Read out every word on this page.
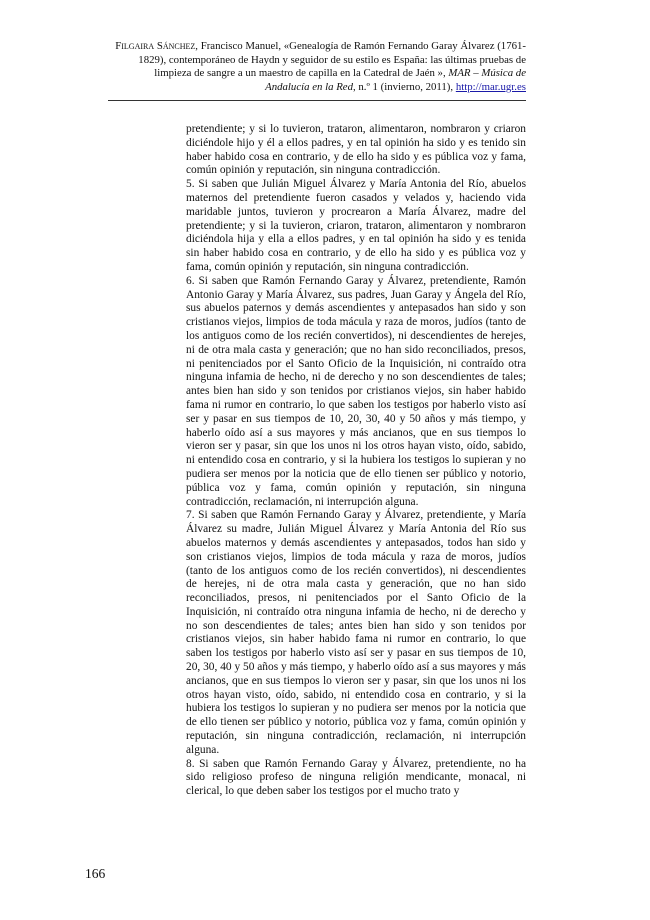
Filgaira Sánchez, Francisco Manuel, «Genealogía de Ramón Fernando Garay Álvarez (1761-1829), contemporáneo de Haydn y seguidor de su estilo es España: las últimas pruebas de limpieza de sangre a un maestro de capilla en la Catedral de Jaén », MAR – Música de Andalucía en la Red, n.º 1 (invierno, 2011), http://mar.ugr.es

pretendiente; y si lo tuvieron, trataron, alimentaron, nombraron y criaron diciéndole hijo y él a ellos padres, y en tal opinión ha sido y es tenido sin haber habido cosa en contrario, y de ello ha sido y es pública voz y fama, común opinión y reputación, sin ninguna contradicción.

5. Si saben que Julián Miguel Álvarez y María Antonia del Río, abuelos maternos del pretendiente fueron casados y velados y, haciendo vida maridable juntos, tuvieron y procrearon a María Álvarez, madre del pretendiente; y si la tuvieron, criaron, trataron, alimentaron y nombraron diciéndola hija y ella a ellos padres, y en tal opinión ha sido y es tenida sin haber habido cosa en contrario, y de ello ha sido y es pública voz y fama, común opinión y reputación, sin ninguna contradicción.

6. Si saben que Ramón Fernando Garay y Álvarez, pretendiente, Ramón Antonio Garay y María Álvarez, sus padres, Juan Garay y Ángela del Río, sus abuelos paternos y demás ascendientes y antepasados han sido y son cristianos viejos, limpios de toda mácula y raza de moros, judíos (tanto de los antiguos como de los recién convertidos), ni descendientes de herejes, ni de otra mala casta y generación; que no han sido reconciliados, presos, ni penitenciados por el Santo Oficio de la Inquisición, ni contraído otra ninguna infamia de hecho, ni de derecho y no son descendientes de tales; antes bien han sido y son tenidos por cristianos viejos, sin haber habido fama ni rumor en contrario, lo que saben los testigos por haberlo visto así ser y pasar en sus tiempos de 10, 20, 30, 40 y 50 años y más tiempo, y haberlo oído así a sus mayores y más ancianos, que en sus tiempos lo vieron ser y pasar, sin que los unos ni los otros hayan visto, oído, sabido, ni entendido cosa en contrario, y si la hubiera los testigos lo supieran y no pudiera ser menos por la noticia que de ello tienen ser público y notorio, pública voz y fama, común opinión y reputación, sin ninguna contradicción, reclamación, ni interrupción alguna.

7. Si saben que Ramón Fernando Garay y Álvarez, pretendiente, y María Álvarez su madre, Julián Miguel Álvarez y María Antonia del Río sus abuelos maternos y demás ascendientes y antepasados, todos han sido y son cristianos viejos, limpios de toda mácula y raza de moros, judíos (tanto de los antiguos como de los recién convertidos), ni descendientes de herejes, ni de otra mala casta y generación, que no han sido reconciliados, presos, ni penitenciados por el Santo Oficio de la Inquisición, ni contraído otra ninguna infamia de hecho, ni de derecho y no son descendientes de tales; antes bien han sido y son tenidos por cristianos viejos, sin haber habido fama ni rumor en contrario, lo que saben los testigos por haberlo visto así ser y pasar en sus tiempos de 10, 20, 30, 40 y 50 años y más tiempo, y haberlo oído así a sus mayores y más ancianos, que en sus tiempos lo vieron ser y pasar, sin que los unos ni los otros hayan visto, oído, sabido, ni entendido cosa en contrario, y si la hubiera los testigos lo supieran y no pudiera ser menos por la noticia que de ello tienen ser público y notorio, pública voz y fama, común opinión y reputación, sin ninguna contradicción, reclamación, ni interrupción alguna.

8. Si saben que Ramón Fernando Garay y Álvarez, pretendiente, no ha sido religioso profeso de ninguna religión mendicante, monacal, ni clerical, lo que deben saber los testigos por el mucho trato y

166
